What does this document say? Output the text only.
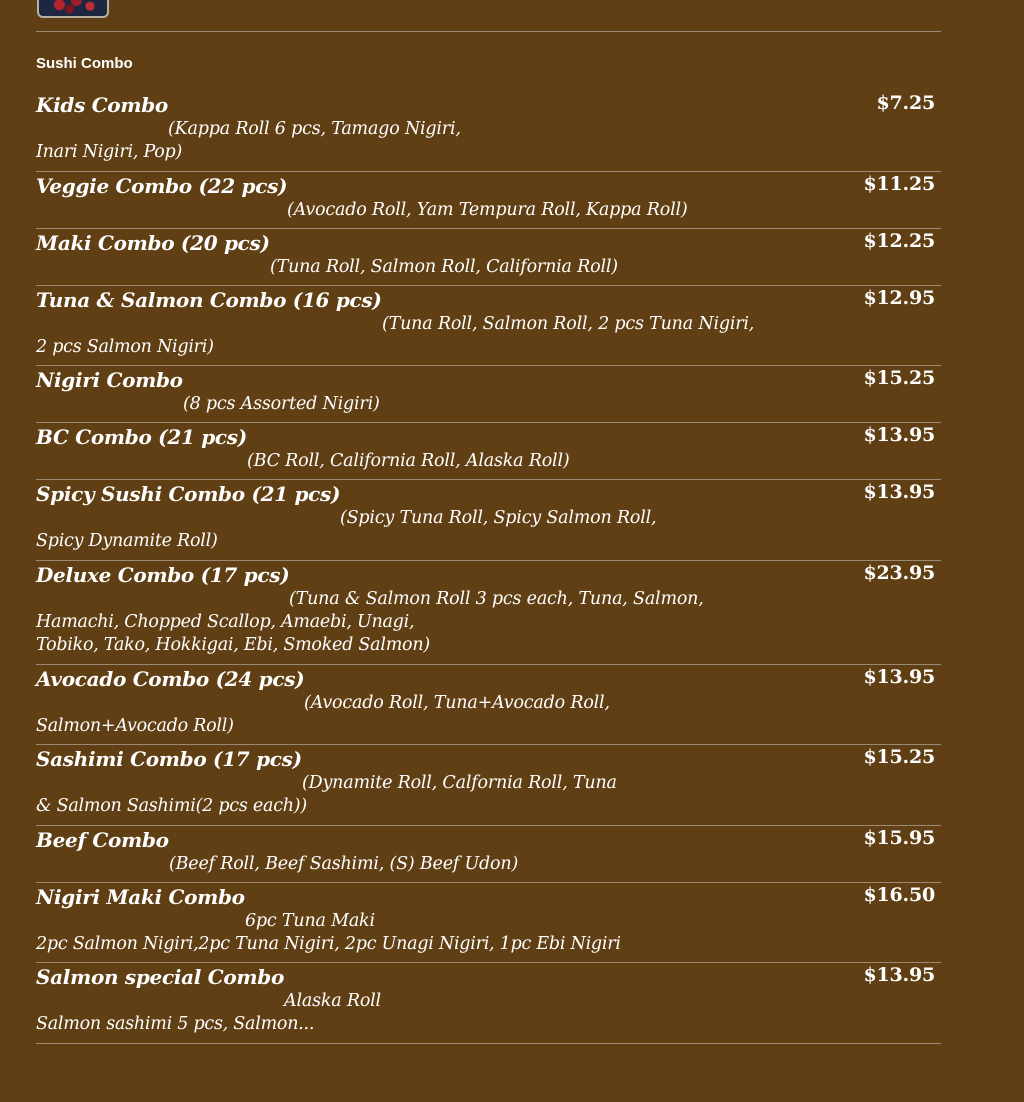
Sushi Combo
Kids Combo
(Kappa Roll 6 pcs, Tamago Nigiri,
Inari Nigiri, Pop)
$7.25
Veggie Combo (22 pcs)
(Avocado Roll, Yam Tempura Roll, Kappa Roll)
$11.25
Maki Combo (20 pcs)
(Tuna Roll, Salmon Roll, California Roll)
$12.25
Tuna & Salmon Combo (16 pcs)
(Tuna Roll, Salmon Roll, 2 pcs Tuna Nigiri,
2 pcs Salmon Nigiri)
$12.95
Nigiri Combo
(8 pcs Assorted Nigiri)
$15.25
BC Combo (21 pcs)
(BC Roll, California Roll, Alaska Roll)
$13.95
Spicy Sushi Combo (21 pcs)
(Spicy Tuna Roll, Spicy Salmon Roll,
Spicy Dynamite Roll)
$13.95
Deluxe Combo (17 pcs)
(Tuna & Salmon Roll 3 pcs each, Tuna, Salmon,
Hamachi, Chopped Scallop, Amaebi, Unagi,
Tobiko, Tako, Hokkigai, Ebi, Smoked Salmon)
$23.95
Avocado Combo (24 pcs)
(Avocado Roll, Tuna+Avocado Roll,
Salmon+Avocado Roll)
$13.95
Sashimi Combo (17 pcs)
(Dynamite Roll, Calfornia Roll, Tuna
& Salmon Sashimi(2 pcs each))
$15.25
Beef Combo
(Beef Roll, Beef Sashimi, (S) Beef Udon)
$15.95
Nigiri Maki Combo
6pc Tuna Maki
2pc Salmon Nigiri,2pc Tuna Nigiri, 2pc Unagi Nigiri, 1pc Ebi Nigiri
$16.50
Salmon special Combo
Alaska Roll
Salmon sashimi 5 pcs, Salmon...
$13.95
